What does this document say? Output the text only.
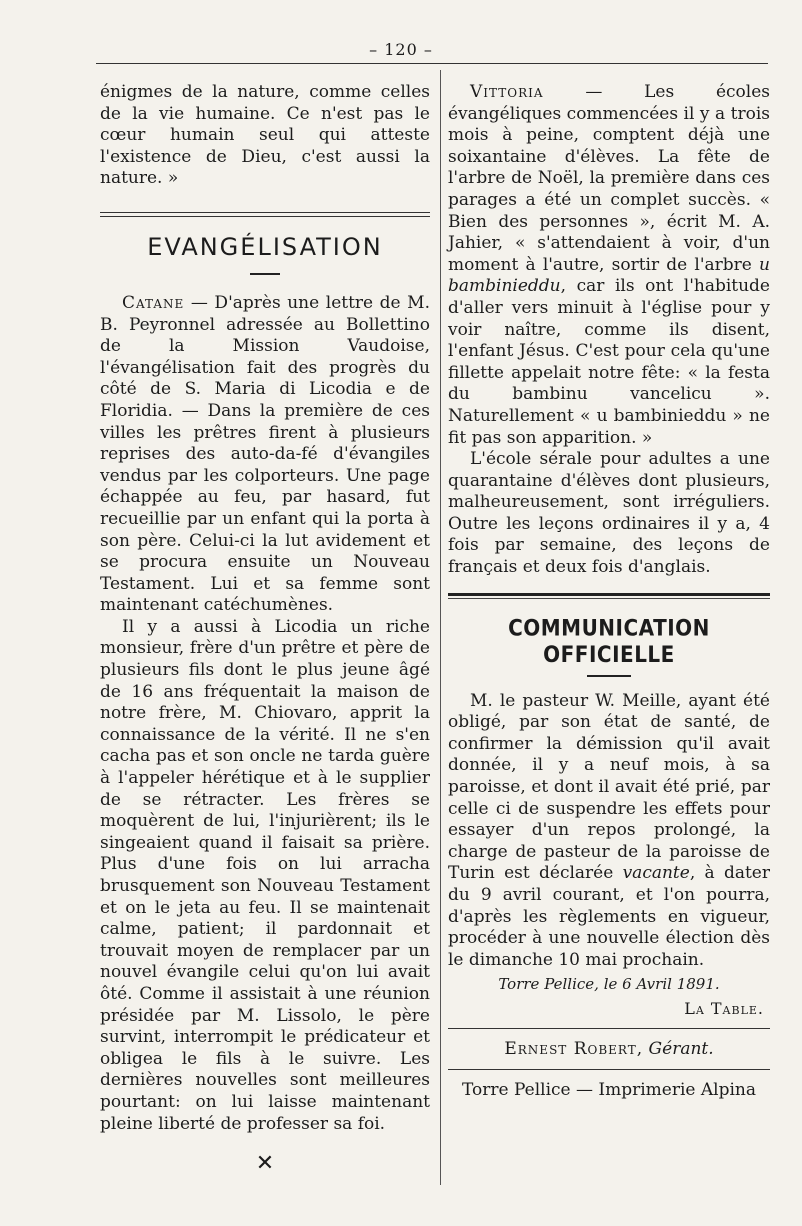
– 120 –

énigmes de la nature, comme celles de la vie humaine. Ce n'est pas le cœur humain seul qui atteste l'existence de Dieu, c'est aussi la nature. »

EVANGÉLISATION

Catane — D'après une lettre de M. B. Peyronnel adressée au Bollettino de la Mission Vaudoise, l'évangélisation fait des progrès du côté de S. Maria di Licodia e de Floridia. — Dans la première de ces villes les prêtres firent à plusieurs reprises des auto-da-fé d'évangiles vendus par les colporteurs. Une page échappée au feu, par hasard, fut recueillie par un enfant qui la porta à son père. Celui-ci la lut avidement et se procura ensuite un Nouveau Testament. Lui et sa femme sont maintenant catéchumènes.

Il y a aussi à Licodia un riche monsieur, frère d'un prêtre et père de plusieurs fils dont le plus jeune âgé de 16 ans fréquentait la maison de notre frère, M. Chiovaro, apprit la connaissance de la vérité. Il ne s'en cacha pas et son oncle ne tarda guère à l'appeler hérétique et à le supplier de se rétracter. Les frères se moquèrent de lui, l'injurièrent; ils le singeaient quand il faisait sa prière. Plus d'une fois on lui arracha brusquement son Nouveau Testament et on le jeta au feu. Il se maintenait calme, patient; il pardonnait et trouvait moyen de remplacer par un nouvel évangile celui qu'on lui avait ôté. Comme il assistait à une réunion présidée par M. Lissolo, le père survint, interrompit le prédicateur et obligea le fils à le suivre. Les dernières nouvelles sont meilleures pourtant: on lui laisse maintenant pleine liberté de professer sa foi.

✕

Vittoria — Les écoles évangéliques commencées il y a trois mois à peine, comptent déjà une soixantaine d'élèves. La fête de l'arbre de Noël, la première dans ces parages a été un complet succès. « Bien des personnes », écrit M. A. Jahier, « s'attendaient à voir, d'un moment à l'autre, sortir de l'arbre u bambinieddu, car ils ont l'habitude d'aller vers minuit à l'église pour y voir naître, comme ils disent, l'enfant Jésus. C'est pour cela qu'une fillette appelait notre fête: « la festa du bambinu vancelicu ». Naturellement « u bambinieddu » ne fit pas son apparition. »

L'école sérale pour adultes a une quarantaine d'élèves dont plusieurs, malheureusement, sont irréguliers. Outre les leçons ordinaires il y a, 4 fois par semaine, des leçons de français et deux fois d'anglais.

COMMUNICATION OFFICIELLE

M. le pasteur W. Meille, ayant été obligé, par son état de santé, de confirmer la démission qu'il avait donnée, il y a neuf mois, à sa paroisse, et dont il avait été prié, par celle ci de suspendre les effets pour essayer d'un repos prolongé, la charge de pasteur de la paroisse de Turin est déclarée vacante, à dater du 9 avril courant, et l'on pourra, d'après les règlements en vigueur, procéder à une nouvelle élection dès le dimanche 10 mai prochain.

Torre Pellice, le 6 Avril 1891.
La Table.
Ernest Robert, Gérant.
Torre Pellice — Imprimerie Alpina
